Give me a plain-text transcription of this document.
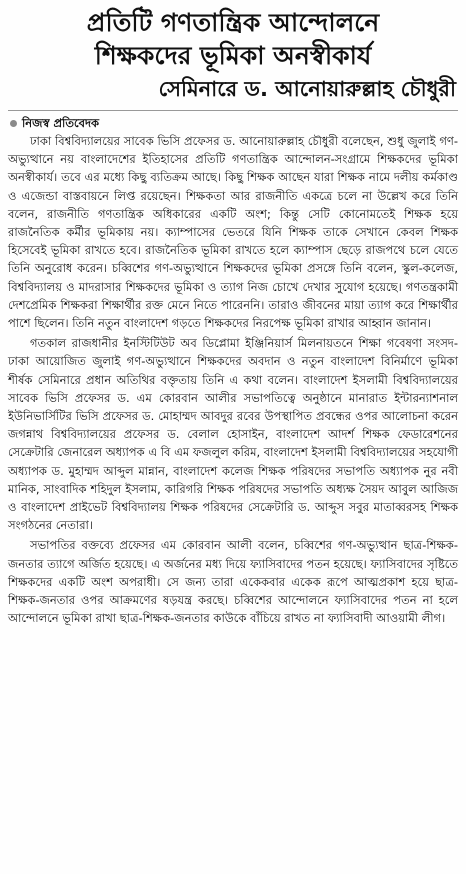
প্রতিটি গণতান্ত্রিক আন্দোলনে
শিক্ষকদের ভূমিকা অনস্বীকার্য
সেমিনারে ড. আনোয়ারুল্লাহ চৌধুরী

নিজস্ব প্রতিবেদক

ঢাকা বিশ্ববিদ্যালয়ের সাবেক ভিসি প্রফেসর ড. আনোয়ারুল্লাহ চৌধুরী বলেছেন, শুধু জুলাই গণ-অভ্যুত্থানে নয় বাংলাদেশের ইতিহাসের প্রতিটি গণতান্ত্রিক আন্দোলন-সংগ্রামে শিক্ষকদের ভূমিকা অনস্বীকার্য। তবে এর মধ্যে কিছু ব্যতিক্রম আছে। কিছু শিক্ষক আছেন যারা শিক্ষক নামে দলীয় কর্মকাণ্ড ও এজেন্ডা বাস্তবায়নে লিপ্ত রয়েছেন। শিক্ষকতা আর রাজনীতি একত্রে চলে না উল্লেখ করে তিনি বলেন, রাজনীতি গণতান্ত্রিক অধিকারের একটি অংশ; কিন্তু সেটি কোনোমতেই শিক্ষক হয়ে রাজনৈতিক কর্মীর ভূমিকায় নয়। ক্যাম্পাসের ভেতরে যিনি শিক্ষক তাকে সেখানে কেবল শিক্ষক হিসেবেই ভূমিকা রাখতে হবে। রাজনৈতিক ভূমিকা রাখতে হলে ক্যাম্পাস ছেড়ে রাজপথে চলে যেতে তিনি অনুরোধ করেন। চব্বিশের গণ-অভ্যুত্থানে শিক্ষকদের ভূমিকা প্রসঙ্গে তিনি বলেন, স্কুল-কলেজ, বিশ্ববিদ্যালয় ও মাদরাসার শিক্ষকদের ভূমিকা ও ত্যাগ নিজ চোখে দেখার সুযোগ হয়েছে। গণতন্ত্রকামী দেশপ্রেমিক শিক্ষকরা শিক্ষার্থীর রক্ত মেনে নিতে পারেননি। তারাও জীবনের মায়া ত্যাগ করে শিক্ষার্থীর পাশে ছিলেন। তিনি নতুন বাংলাদেশ গড়তে শিক্ষকদের নিরপেক্ষ ভূমিকা রাখার আহ্বান জানান।

গতকাল রাজধানীর ইনস্টিটিউট অব ডিপ্লোমা ইঞ্জিনিয়ার্স মিলনায়তনে শিক্ষা গবেষণা সংসদ-ঢাকা আয়োজিত জুলাই গণ-অভ্যুত্থানে শিক্ষকদের অবদান ও নতুন বাংলাদেশ বিনির্মাণে ভূমিকা শীর্ষক সেমিনারে প্রধান অতিথির বক্তৃতায় তিনি এ কথা বলেন। বাংলাদেশ ইসলামী বিশ্ববিদ্যালয়ের সাবেক ভিসি প্রফেসর ড. এম কোরবান আলীর সভাপতিত্বে অনুষ্ঠানে মানারাত ইন্টারন্যাশনাল ইউনিভার্সিটির ভিসি প্রফেসর ড. মোহাম্মদ আবদুর রবের উপস্থাপিত প্রবন্ধের ওপর আলোচনা করেন জগন্নাথ বিশ্ববিদ্যালয়ের প্রফেসর ড. বেলাল হোসাইন, বাংলাদেশ আদর্শ শিক্ষক ফেডারেশনের সেক্রেটারি জেনারেল অধ্যাপক এ বি এম ফজলুল করিম, বাংলাদেশ ইসলামী বিশ্ববিদ্যালয়ের সহযোগী অধ্যাপক ড. মুহাম্মদ আব্দুল মান্নান, বাংলাদেশ কলেজ শিক্ষক পরিষদের সভাপতি অধ্যাপক নুর নবী মানিক, সাংবাদিক শহিদুল ইসলাম, কারিগরি শিক্ষক পরিষদের সভাপতি অধ্যক্ষ সৈয়দ আবুল আজিজ ও বাংলাদেশ প্রাইভেট বিশ্ববিদ্যালয় শিক্ষক পরিষদের সেক্রেটারি ড. আব্দুস সবুর মাতাব্বরসহ শিক্ষক সংগঠনের নেতারা।

সভাপতির বক্তব্যে প্রফেসর এম কোরবান আলী বলেন, চব্বিশের গণ-অভ্যুত্থান ছাত্র-শিক্ষক-জনতার ত্যাগে অর্জিত হয়েছে। এ অর্জনের মধ্য দিয়ে ফ্যাসিবাদের পতন হয়েছে। ফ্যাসিবাদের সৃষ্টিতে শিক্ষকদের একটি অংশ অপরাধী। সে জন্য তারা একেকবার একেক রূপে আত্মপ্রকাশ হয়ে ছাত্র-শিক্ষক-জনতার ওপর আক্রমণের ষড়যন্ত্র করছে। চব্বিশের আন্দোলনে ফ্যাসিবাদের পতন না হলে আন্দোলনে ভূমিকা রাখা ছাত্র-শিক্ষক-জনতার কাউকে বাঁচিয়ে রাখত না ফ্যাসিবাদী আওয়ামী লীগ।
